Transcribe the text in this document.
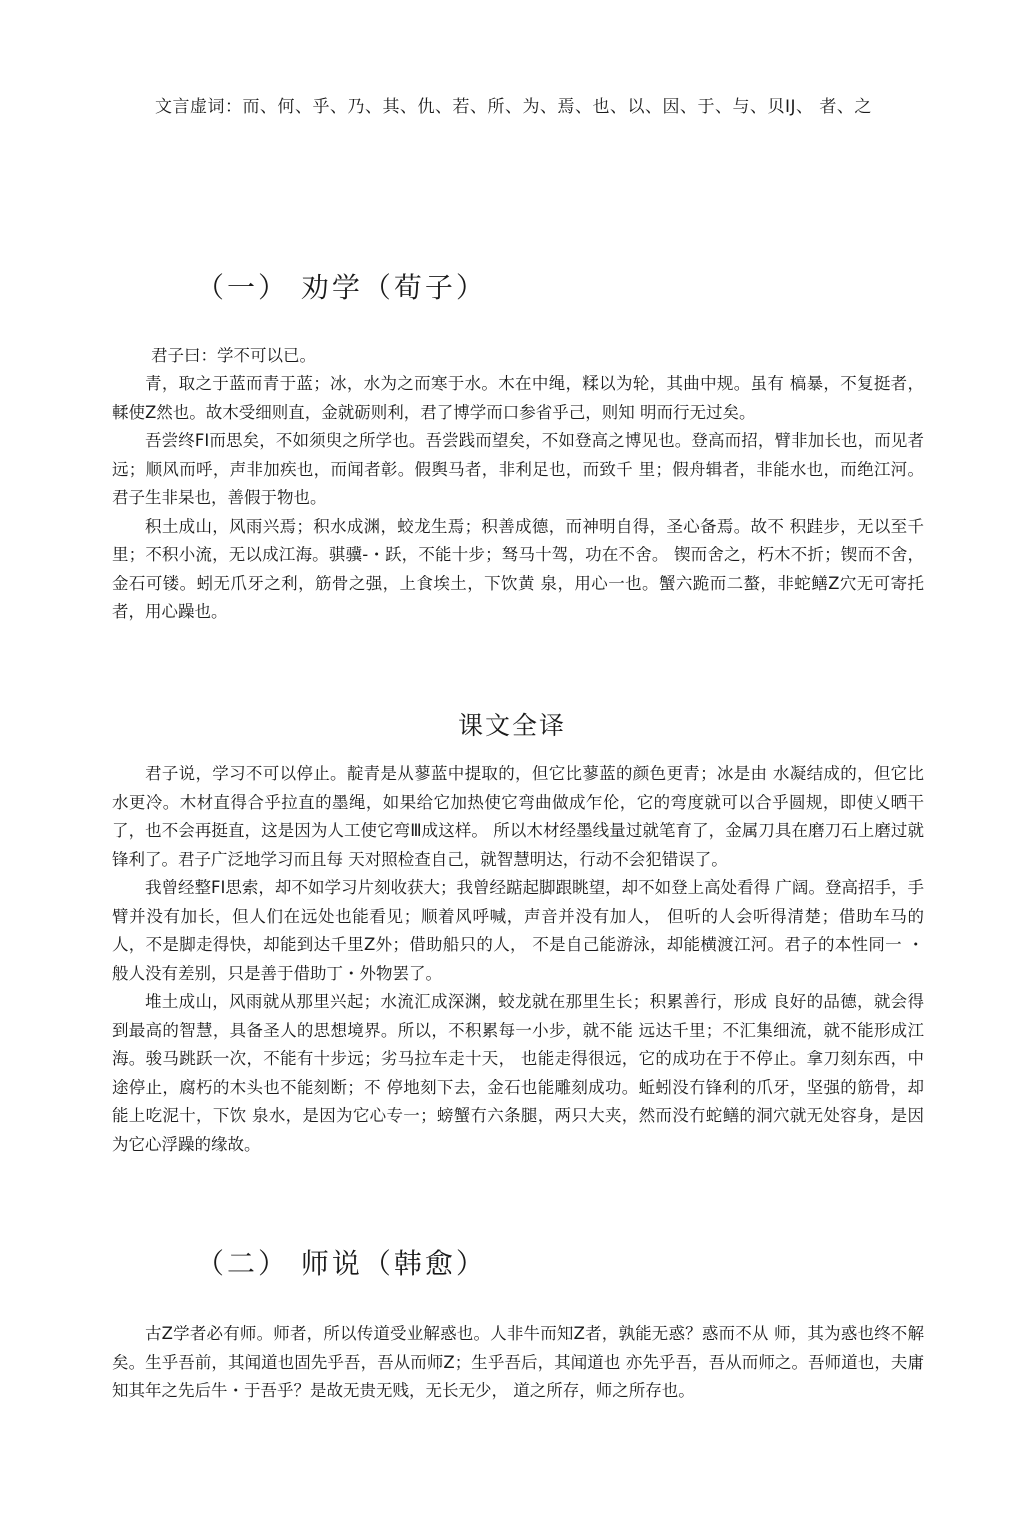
文言虚词：而、何、乎、乃、其、仇、若、所、为、焉、也、以、因、于、与、贝IJ、 者、之
（一） 劝学（荀子）

君子曰：学不可以已。

青，取之于蓝而青于蓝；冰，水为之而寒于水。木在中绳，糅以为轮，其曲中规。虽有 槁暴，不复挺者，輮使Z然也。故木受细则直，金就砺则利，君了博学而口参省乎己，则知 明而行无过矣。

吾尝终FI而思矣，不如须臾之所学也。吾尝践而望矣，不如登高之博见也。登高而招，臂非加长也，而见者远；顺风而呼，声非加疾也，而闻者彰。假舆马者，非利足也，而致千 里；假舟辑者，非能水也，而绝江河。君子生非杲也，善假于物也。

积土成山，风雨兴焉；积水成渊，蛟龙生焉；积善成德，而神明自得，圣心备焉。故不 积跬步，无以至千里；不积小流，无以成江海。骐骥-・跃，不能十步；驽马十驾，功在不舍。 锲而舍之，朽木不折；锲而不舍，金石可镂。蚓无爪牙之利，筋骨之强，上食埃土，下饮黄 泉，用心一也。蟹六跪而二螯，非蛇鳝Z穴无可寄托者，用心躁也。

课文全译

君子说，学习不可以停止。靛青是从蓼蓝中提取的，但它比蓼蓝的颜色更青；冰是由 水凝结成的，但它比水更冷。木材直得合乎拉直的墨绳，如果给它加热使它弯曲做成乍伦，它的弯度就可以合乎圆规，即使乂晒干了，也不会再挺直，这是因为人工使它弯Ⅲ成这样。 所以木材经墨线量过就笔育了，金属刀具在磨刀石上磨过就锋利了。君子广泛地学习而且每 天对照检查自己，就智慧明达，行动不会犯错误了。

我曾经整FI思索，却不如学习片刻收获大；我曾经踮起脚跟眺望，却不如登上高处看得 广阔。登高招手，手臂并没有加长，但人们在远处也能看见；顺着风呼喊，声音并没有加人， 但听的人会听得清楚；借助车马的人，不是脚走得快，却能到达千里Z外；借助船只的人， 不是自己能游泳，却能横渡江河。君子的本性同一 ・般人没有差别，只是善于借助丁・外物罢了。

堆土成山，风雨就从那里兴起；水流汇成深渊，蛟龙就在那里生长；积累善行，形成 良好的品德，就会得到最高的智慧，具备圣人的思想境界。所以，不积累每一小步，就不能 远达千里；不汇集细流，就不能形成江海。骏马跳跃一次，不能有十步远；劣马拉车走十天， 也能走得很远，它的成功在于不停止。拿刀刻东西，中途停止，腐朽的木头也不能刻断；不 停地刻下去，金石也能雕刻成功。蚯蚓没冇锋利的爪牙，坚强的筋骨，却能上吃泥十，下饮 泉水，是因为它心专一；螃蟹冇六条腿，两只大夹，然而没冇蛇鳝的洞穴就无处容身，是因 为它心浮躁的缘故。

（二） 师说（韩愈）

古Z学者必有师。师者，所以传道受业解惑也。人非牛而知Z者，孰能无惑？惑而不从 师，其为惑也终不解矣。生乎吾前，其闻道也固先乎吾，吾从而师Z；生乎吾后，其闻道也 亦先乎吾，吾从而师之。吾师道也，夫庸知其年之先后牛・于吾乎？是故无贵无贱，无长无少， 道之所存，师之所存也。
